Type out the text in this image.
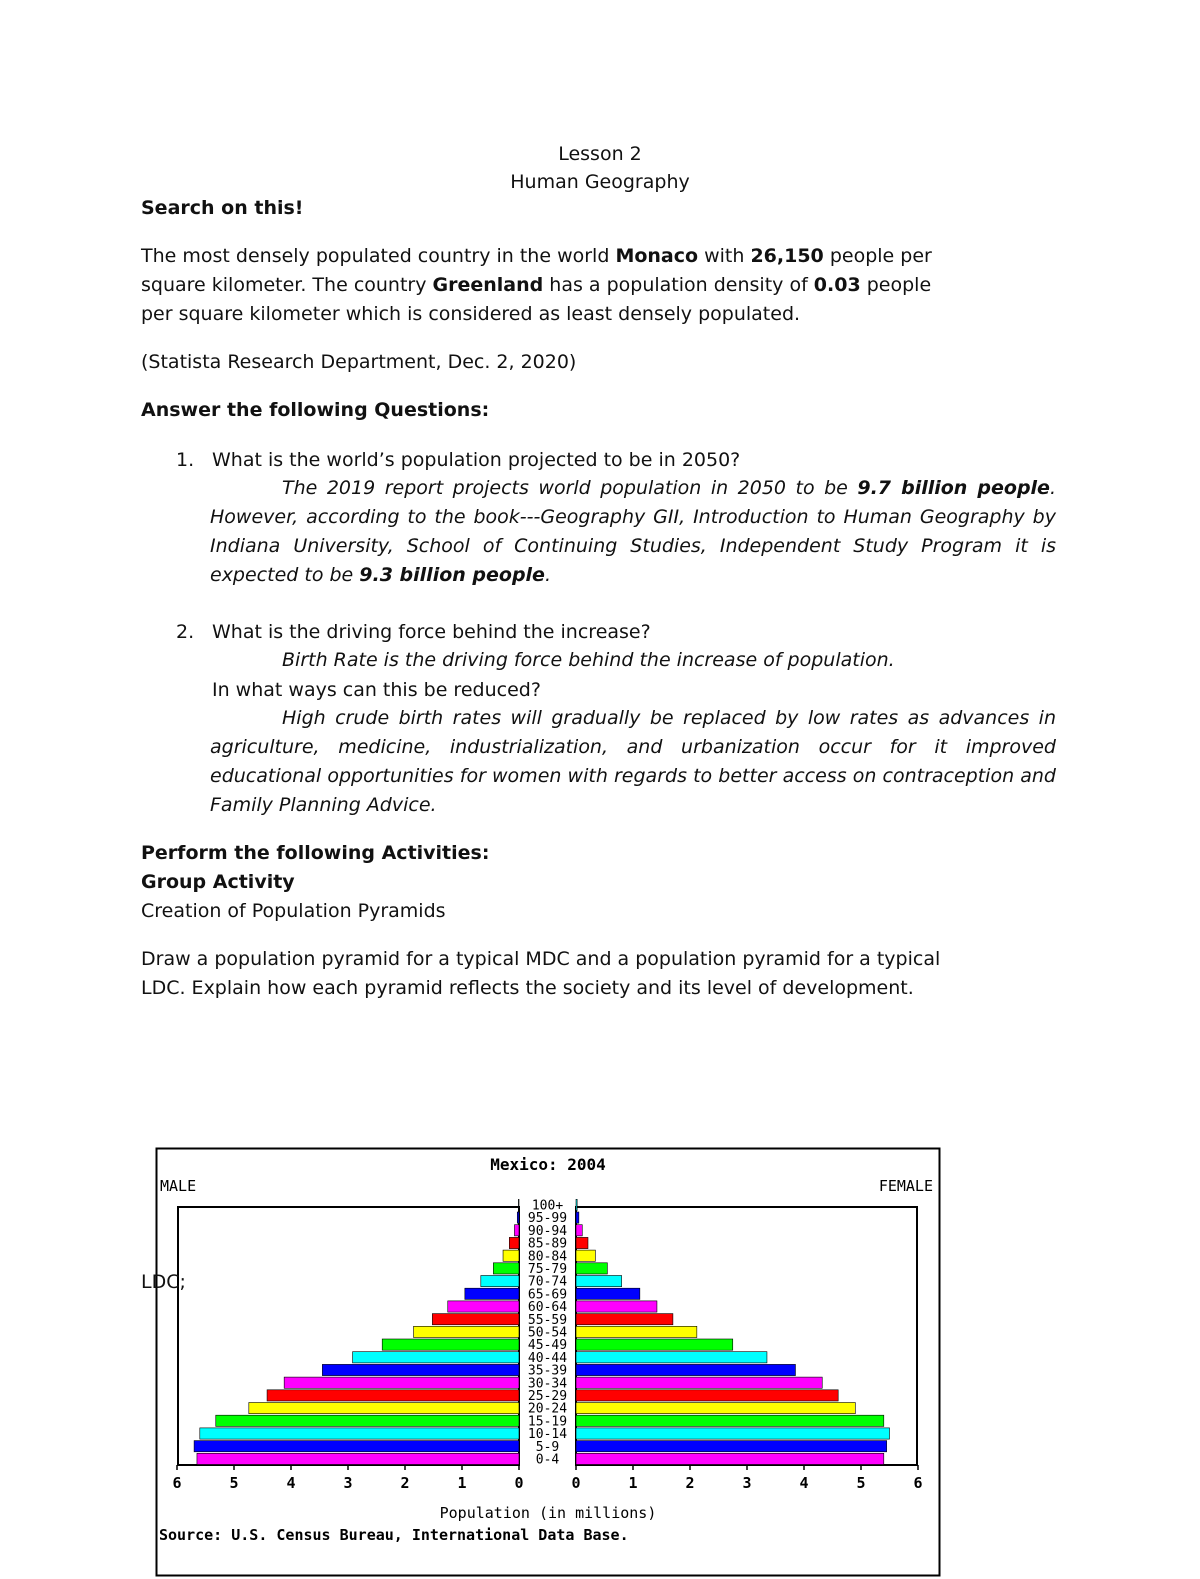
Lesson 2
Human Geography
Search on this!
The most densely populated country in the world Monaco with 26,150 people per
square kilometer. The country Greenland has a population density of 0.03 people
per square kilometer which is considered as least densely populated.
(Statista Research Department, Dec. 2, 2020)
Answer the following Questions:
1. What is the world’s population projected to be in 2050?
The 2019 report projects world population in 2050 to be 9.7 billion people. However, according to the book---Geography GII, Introduction to Human Geography by Indiana University, School of Continuing Studies, Independent Study Program it is expected to be 9.3 billion people.
2. What is the driving force behind the increase?
Birth Rate is the driving force behind the increase of population.
In what ways can this be reduced?
High crude birth rates will gradually be replaced by low rates as advances in agriculture, medicine, industrialization, and urbanization occur for it improved educational opportunities for women with regards to better access on contraception and Family Planning Advice.
Perform the following Activities:
Group Activity
Creation of Population Pyramids
Draw a population pyramid for a typical MDC and a population pyramid for a typical
LDC. Explain how each pyramid reflects the society and its level of development.
Mexico: 2004
MALE	FEMALE
100+
95-99
90-94
85-89
80-84
75-79
70-74
65-69
60-64
55-59
50-54
45-49
40-44
35-39
30-34
25-29
20-24
15-19
10-14
5-9
0-4
6	5	4	3	2	1	0	0	1	2	3	4	5	6
Population (in millions)
Source: U.S. Census Bureau, International Data Base.
LDC;
